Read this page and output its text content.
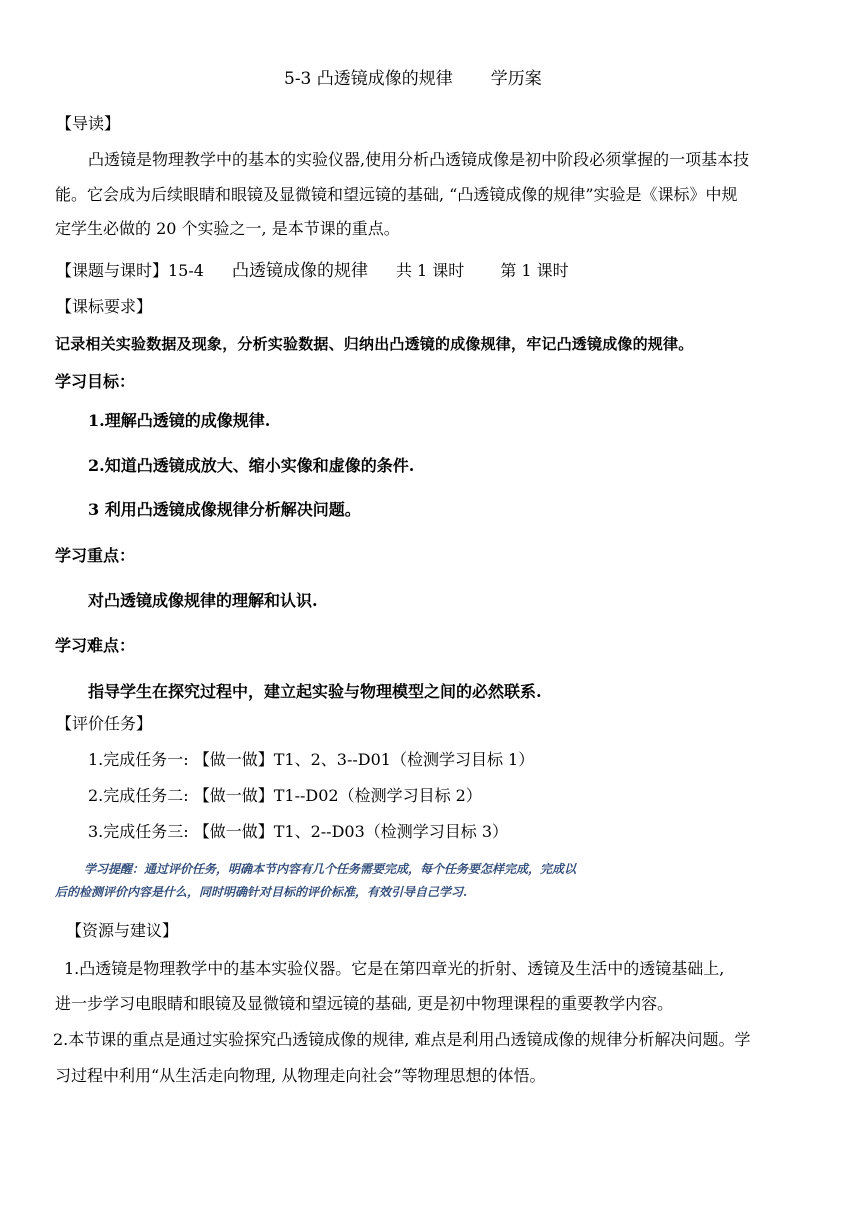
5-3 凸透镜成像的规律 学历案
【导读】
凸透镜是物理教学中的基本的实验仪器,使用分析凸透镜成像是初中阶段必须掌握的一项基本技
能。它会成为后续眼睛和眼镜及显微镜和望远镜的基础, “凸透镜成像的规律”实验是《课标》中规
定学生必做的 20 个实验之一, 是本节课的重点。
【课题与课时】15-4 凸透镜成像的规律 共 1 课时 第 1 课时
【课标要求】
记录相关实验数据及现象，分析实验数据、归纳出凸透镜的成像规律，牢记凸透镜成像的规律。
学习目标：
1.理解凸透镜的成像规律.
2.知道凸透镜成放大、缩小实像和虚像的条件.
3 利用凸透镜成像规律分析解决问题。
学习重点：
对凸透镜成像规律的理解和认识.
学习难点：
指导学生在探究过程中，建立起实验与物理模型之间的必然联系.
【评价任务】
1.完成任务一: 【做一做】T1、2、3--D01（检测学习目标 1）
2.完成任务二: 【做一做】T1--D02（检测学习目标 2）
3.完成任务三: 【做一做】T1、2--D03（检测学习目标 3）
学习提醒：通过评价任务，明确本节内容有几个任务需要完成，每个任务要怎样完成，完成以
后的检测评价内容是什么，同时明确针对目标的评价标准，有效引导自己学习.
【资源与建议】
1.凸透镜是物理教学中的基本实验仪器。它是在第四章光的折射、透镜及生活中的透镜基础上,
进一步学习电眼睛和眼镜及显微镜和望远镜的基础, 更是初中物理课程的重要教学内容。
2.本节课的重点是通过实验探究凸透镜成像的规律, 难点是利用凸透镜成像的规律分析解决问题。学
习过程中利用“从生活走向物理, 从物理走向社会”等物理思想的体悟。
